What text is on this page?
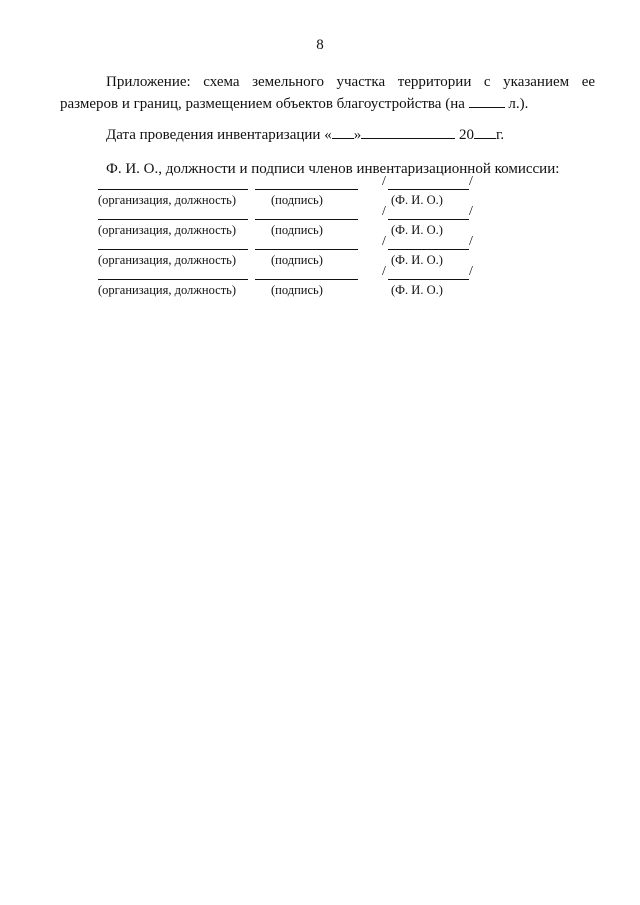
8
Приложение: схема земельного участка территории с указанием ее размеров и границ, размещением объектов благоустройства (на	л.).
Дата проведения инвентаризации « »	20 г.
Ф. И. О., должности и подписи членов инвентаризационной комиссии:
/	/
(организация, должность)	(подпись)	(Ф. И. О.)
/	/
(организация, должность)	(подпись)	(Ф. И. О.)
/	/
(организация, должность)	(подпись)	(Ф. И. О.)
/	/
(организация, должность)	(подпись)	(Ф. И. О.)
